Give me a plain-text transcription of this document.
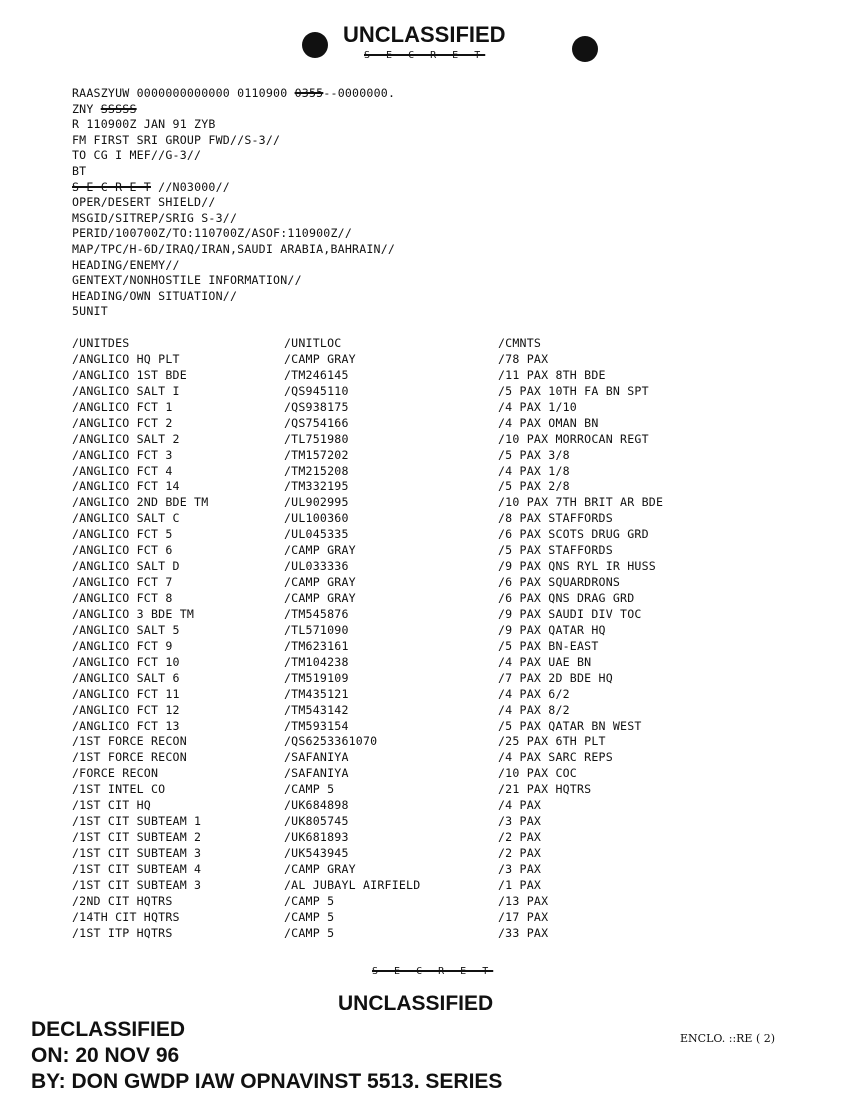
UNCLASSIFIED
S E C R E T
RAASZYUW 0000000000000 0110900 0355--0000000.
ZNY SSSSS
R 110900Z JAN 91 ZYB
FM FIRST SRI GROUP FWD//S-3//
TO CG I MEF//G-3//
BT
S E C R E T //N03000//
OPER/DESERT SHIELD//
MSGID/SITREP/SRIG S-3//
PERID/100700Z/TO:110700Z/ASOF:110900Z//
MAP/TPC/H-6D/IRAQ/IRAN,SAUDI ARABIA,BAHRAIN//
HEADING/ENEMY//
GENTEXT/NONHOSTILE INFORMATION//
HEADING/OWN SITUATION//
5UNIT
/UNITDES	/UNITLOC	/CMNTS
/ANGLICO HQ PLT	/CAMP GRAY	/78 PAX
/ANGLICO 1ST BDE	/TM246145	/11 PAX 8TH BDE
/ANGLICO SALT I	/QS945110	/5 PAX 10TH FA BN SPT
/ANGLICO FCT 1	/QS938175	/4 PAX 1/10
/ANGLICO FCT 2	/QS754166	/4 PAX OMAN BN
/ANGLICO SALT 2	/TL751980	/10 PAX MORROCAN REGT
/ANGLICO FCT 3	/TM157202	/5 PAX 3/8
/ANGLICO FCT 4	/TM215208	/4 PAX 1/8
/ANGLICO FCT 14	/TM332195	/5 PAX 2/8
/ANGLICO 2ND BDE TM	/UL902995	/10 PAX 7TH BRIT AR BDE
/ANGLICO SALT C	/UL100360	/8 PAX STAFFORDS
/ANGLICO FCT 5	/UL045335	/6 PAX SCOTS DRUG GRD
/ANGLICO FCT 6	/CAMP GRAY	/5 PAX STAFFORDS
/ANGLICO SALT D	/UL033336	/9 PAX QNS RYL IR HUSS
/ANGLICO FCT 7	/CAMP GRAY	/6 PAX SQUARDRONS
/ANGLICO FCT 8	/CAMP GRAY	/6 PAX QNS DRAG GRD
/ANGLICO 3 BDE TM	/TM545876	/9 PAX SAUDI DIV TOC
/ANGLICO SALT 5	/TL571090	/9 PAX QATAR HQ
/ANGLICO FCT 9	/TM623161	/5 PAX BN-EAST
/ANGLICO FCT 10	/TM104238	/4 PAX UAE BN
/ANGLICO SALT 6	/TM519109	/7 PAX 2D BDE HQ
/ANGLICO FCT 11	/TM435121	/4 PAX 6/2
/ANGLICO FCT 12	/TM543142	/4 PAX 8/2
/ANGLICO FCT 13	/TM593154	/5 PAX QATAR BN WEST
/1ST FORCE RECON	/QS6253361070	/25 PAX 6TH PLT
/1ST FORCE RECON	/SAFANIYA	/4 PAX SARC REPS
/FORCE RECON	/SAFANIYA	/10 PAX COC
/1ST INTEL CO	/CAMP 5	/21 PAX HQTRS
/1ST CIT HQ	/UK684898	/4 PAX
/1ST CIT SUBTEAM 1	/UK805745	/3 PAX
/1ST CIT SUBTEAM 2	/UK681893	/2 PAX
/1ST CIT SUBTEAM 3	/UK543945	/2 PAX
/1ST CIT SUBTEAM 4	/CAMP GRAY	/3 PAX
/1ST CIT SUBTEAM 3	/AL JUBAYL AIRFIELD	/1 PAX
/2ND CIT HQTRS	/CAMP 5	/13 PAX
/14TH CIT HQTRS	/CAMP 5	/17 PAX
/1ST ITP HQTRS	/CAMP 5	/33 PAX
S E C R E T
UNCLASSIFIED
DECLASSIFIED
ON: 20 NOV 96
BY: DON GWDP IAW OPNAVINST 5513. SERIES
ENCLO. ::RE ( 2)
